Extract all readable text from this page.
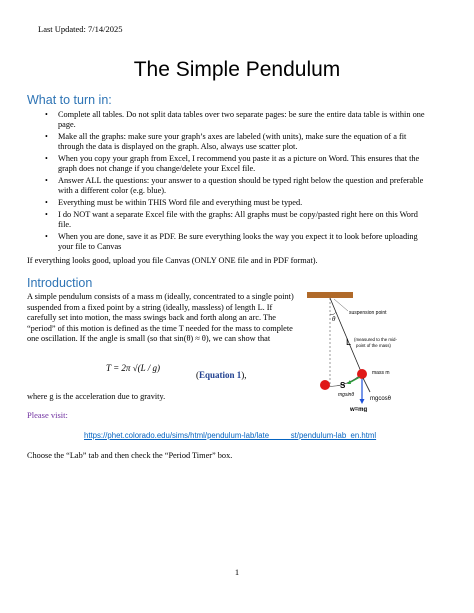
Last Updated: 7/14/2025
The Simple Pendulum
What to turn in:
• Complete all tables. Do not split data tables over two separate pages: be sure the entire data table is within one page.
• Make all the graphs: make sure your graph’s axes are labeled (with units), make sure the equation of a fit through the data is displayed on the graph. Also, always use scatter plot.
• When you copy your graph from Excel, I recommend you paste it as a picture on Word. This ensures that the graph does not change if you change/delete your Excel file.
• Answer ALL the questions: your answer to a question should be typed right below the question and preferable with a different color (e.g. blue).
• Everything must be within THIS Word file and everything must be typed.
• I do NOT want a separate Excel file with the graphs: All graphs must be copy/pasted right here on this Word file.
• When you are done, save it as PDF. Be sure everything looks the way you expect it to look before uploading your file to Canvas
If everything looks good, upload you file Canvas (ONLY ONE file and in PDF format).
Introduction
A simple pendulum consists of a mass m (ideally, concentrated to a single point) suspended from a fixed point by a string (ideally, massless) of length L. If carefully set into motion, the mass swings back and forth along an arc. The “period” of this motion is defined as the time T needed for the mass to complete one oscillation. If the angle is small (so that sin(θ) ≈ θ), we can show that
T = 2π √(L / g)
(Equation 1),
where g is the acceleration due to gravity.
Please visit:
https://phet.colorado.edu/sims/html/pendulum-lab/late          st/pendulum-lab_en.html
Choose the “Lab” tab and then check the “Period Timer” box.
θ
suspension point
L (measured to the mid-
point of the mass)
mass m
S
mgsinθ
mgcosθ
w=mg
1
